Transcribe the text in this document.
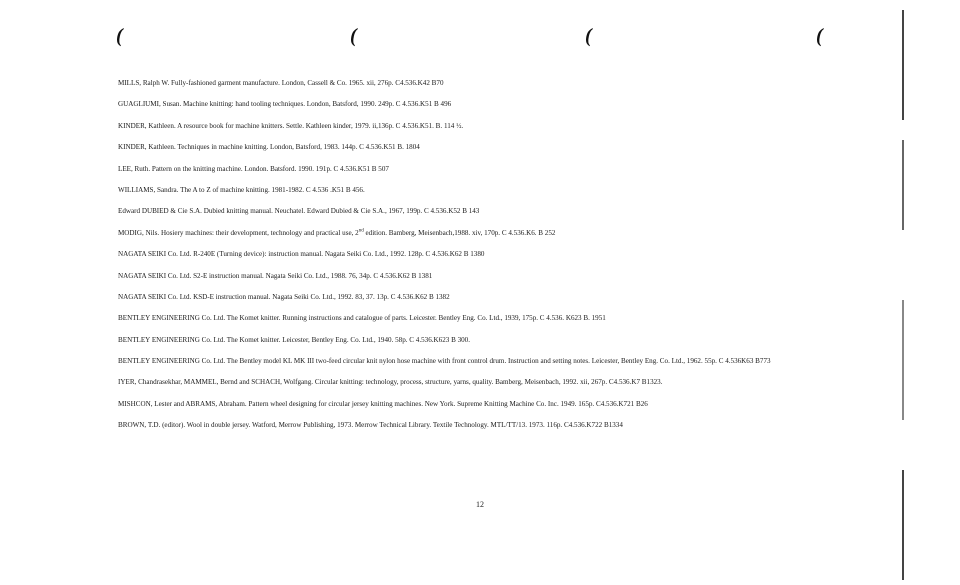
(	(	(	(

MILLS, Ralph W. Fully-fashioned garment manufacture. London, Cassell & Co. 1965. xii, 276p. C4.536.K42 B70

GUAGLIUMI, Susan. Machine knitting: hand tooling techniques. London, Batsford, 1990. 249p. C 4.536.K51 B 496

KINDER, Kathleen. A resource book for machine knitters. Settle. Kathleen kinder, 1979. ii,136p. C 4.536.K51. B. 114 ½.

KINDER, Kathleen. Techniques in machine knitting. London, Batsford, 1983. 144p. C 4.536.K51 B. 1804

LEE, Ruth. Pattern on the knitting machine. London. Batsford. 1990. 191p. C 4.536.K51 B 507

WILLIAMS, Sandra. The A to Z of machine knitting. 1981-1982. C 4.536 .K51 B 456.

Edward DUBIED & Cie S.A. Dubied knitting manual. Neuchatel. Edward Dubied & Cie S.A., 1967, 199p. C 4.536.K52 B 143

MODIG, Nils. Hosiery machines: their development, technology and practical use, 2nd edition. Bamberg, Meisenbach,1988. xiv, 170p. C 4.536.K6. B 252

NAGATA SEIKI Co. Ltd. R-240E (Turning device): instruction manual. Nagata Seiki Co. Ltd., 1992. 128p. C 4.536.K62 B 1380

NAGATA SEIKI Co. Ltd. S2-E instruction manual. Nagata Seiki Co. Ltd., 1988. 76, 34p. C 4.536.K62 B 1381

NAGATA SEIKI Co. Ltd. KSD-E instruction manual. Nagata Seiki Co. Ltd., 1992. 83, 37. 13p. C 4.536.K62 B 1382

BENTLEY ENGINEERING Co. Ltd. The Komet knitter. Running instructions and catalogue of parts. Leicester. Bentley Eng. Co. Ltd., 1939, 175p. C 4.536. K623 B. 1951

BENTLEY ENGINEERING Co. Ltd. The Komet knitter. Leicester, Bentley Eng. Co. Ltd., 1940. 58p. C 4.536.K623 B 300.

BENTLEY ENGINEERING Co. Ltd. The Bentley model KL MK III two-feed circular knit nylon hose machine with front control drum. Instruction and setting notes. Leicester, Bentley Eng. Co. Ltd., 1962. 55p. C 4.536K63 B773

IYER, Chandrasekhar, MAMMEL, Bernd and SCHACH, Wolfgang. Circular knitting: technology, process, structure, yarns, quality. Bamberg, Meisenbach, 1992. xii, 267p. C4.536.K7 B1323.

MISHCON, Lester and ABRAMS, Abraham. Pattern wheel designing for circular jersey knitting machines. New York. Supreme Knitting Machine Co. Inc. 1949. 165p. C4.536.K721 B26

BROWN, T.D. (editor). Wool in double jersey. Watford, Merrow Publishing, 1973. Merrow Technical Library. Textile Technology. MTL/TT/13. 1973. 116p. C4.536.K722 B1334

12
